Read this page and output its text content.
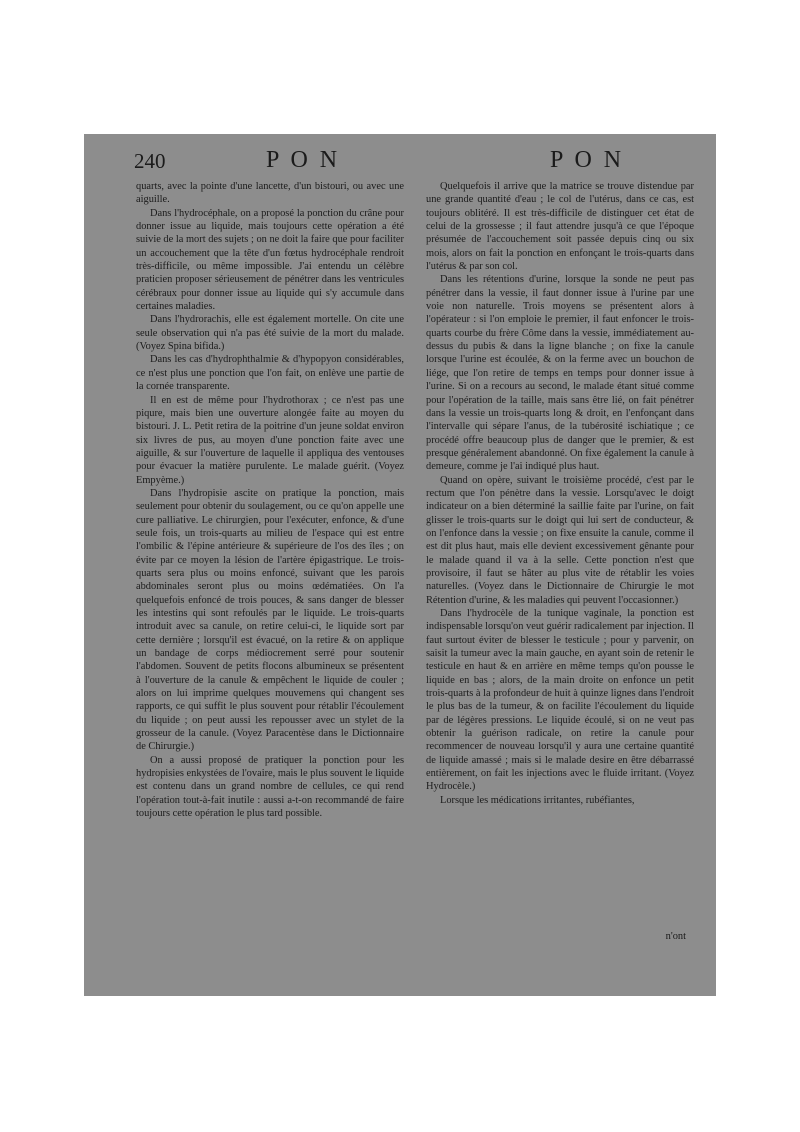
240	P O N	P O N

quarts, avec la pointe d'une lancette, d'un bistouri, ou avec une aiguille.

Dans l'hydrocéphale, on a proposé la ponction du crâne pour donner issue au liquide, mais toujours cette opération a été suivie de la mort des sujets ; on ne doit la faire que pour faciliter un accouchement que la tête d'un fœtus hydrocéphale rendroit très-difficile, ou même impossible. J'ai entendu un célèbre praticien proposer sérieusement de pénétrer dans les ventricules cérébraux pour donner issue au liquide qui s'y accumule dans certaines maladies.

Dans l'hydrorachis, elle est également mortelle. On cite une seule observation qui n'a pas été suivie de la mort du malade. (Voyez Spina bifida.)

Dans les cas d'hydrophthalmie & d'hypopyon considérables, ce n'est plus une ponction que l'on fait, on enlève une partie de la cornée transparente.

Il en est de même pour l'hydrothorax ; ce n'est pas une piqure, mais bien une ouverture alongée faite au moyen du bistouri. J. L. Petit retira de la poitrine d'un jeune soldat environ six livres de pus, au moyen d'une ponction faite avec une aiguille, & sur l'ouverture de laquelle il appliqua des ventouses pour évacuer la matière purulente. Le malade guérit. (Voyez Empyème.)

Dans l'hydropisie ascite on pratique la ponction, mais seulement pour obtenir du soulagement, ou ce qu'on appelle une cure palliative. Le chirurgien, pour l'exécuter, enfonce, & d'une seule fois, un trois-quarts au milieu de l'espace qui est entre l'ombilic & l'épine antérieure & supérieure de l'os des îles ; on évite par ce moyen la lésion de l'artère épigastrique. Le trois-quarts sera plus ou moins enfoncé, suivant que les parois abdominales seront plus ou moins œdématiées. On l'a quelquefois enfoncé de trois pouces, & sans danger de blesser les intestins qui sont refoulés par le liquide. Le trois-quarts introduit avec sa canule, on retire celui-ci, le liquide sort par cette dernière ; lorsqu'il est évacué, on la retire & on applique un bandage de corps médiocrement serré pour soutenir l'abdomen. Souvent de petits flocons albumineux se présentent à l'ouverture de la canule & empêchent le liquide de couler ; alors on lui imprime quelques mouvemens qui changent ses rapports, ce qui suffit le plus souvent pour rétablir l'écoulement du liquide ; on peut aussi les repousser avec un stylet de la grosseur de la canule. (Voyez Paracentèse dans le Dictionnaire de Chirurgie.)

On a aussi proposé de pratiquer la ponction pour les hydropisies enkystées de l'ovaire, mais le plus souvent le liquide est contenu dans un grand nombre de cellules, ce qui rend l'opération tout-à-fait inutile : aussi a-t-on recommandé de faire toujours cette opération le plus tard possible.

Quelquefois il arrive que la matrice se trouve distendue par une grande quantité d'eau ; le col de l'utérus, dans ce cas, est toujours oblitéré. Il est très-difficile de distinguer cet état de celui de la grossesse ; il faut attendre jusqu'à ce que l'époque présumée de l'accouchement soit passée depuis cinq ou six mois, alors on fait la ponction en enfonçant le trois-quarts dans l'utérus & par son col.

Dans les rétentions d'urine, lorsque la sonde ne peut pas pénétrer dans la vessie, il faut donner issue à l'urine par une voie non naturelle. Trois moyens se présentent alors à l'opérateur : si l'on emploie le premier, il faut enfoncer le trois-quarts courbe du frère Côme dans la vessie, immédiatement au-dessus du pubis & dans la ligne blanche ; on fixe la canule lorsque l'urine est écoulée, & on la ferme avec un bouchon de liége, que l'on retire de temps en temps pour donner issue à l'urine. Si on a recours au second, le malade étant situé comme pour l'opération de la taille, mais sans être lié, on fait pénétrer dans la vessie un trois-quarts long & droit, en l'enfonçant dans l'intervalle qui sépare l'anus, de la tubérosité ischiatique ; ce procédé offre beaucoup plus de danger que le premier, & est presque généralement abandonné. On fixe également la canule à demeure, comme je l'ai indiqué plus haut.

Quand on opère, suivant le troisième procédé, c'est par le rectum que l'on pénètre dans la vessie. Lorsqu'avec le doigt indicateur on a bien déterminé la saillie faite par l'urine, on fait glisser le trois-quarts sur le doigt qui lui sert de conducteur, & on l'enfonce dans la vessie ; on fixe ensuite la canule, comme il est dit plus haut, mais elle devient excessivement gênante pour le malade quand il va à la selle. Cette ponction n'est que provisoire, il faut se hâter au plus vite de rétablir les voies naturelles. (Voyez dans le Dictionnaire de Chirurgie le mot Rétention d'urine, & les maladies qui peuvent l'occasionner.)

Dans l'hydrocèle de la tunique vaginale, la ponction est indispensable lorsqu'on veut guérir radicalement par injection. Il faut surtout éviter de blesser le testicule ; pour y parvenir, on saisit la tumeur avec la main gauche, en ayant soin de retenir le testicule en haut & en arrière en même temps qu'on pousse le liquide en bas ; alors, de la main droite on enfonce un petit trois-quarts à la profondeur de huit à quinze lignes dans l'endroit le plus bas de la tumeur, & on facilite l'écoulement du liquide par de légères pressions. Le liquide écoulé, si on ne veut pas obtenir la guérison radicale, on retire la canule pour recommencer de nouveau lorsqu'il y aura une certaine quantité de liquide amassé ; mais si le malade desire en être débarrassé entièrement, on fait les injections avec le fluide irritant. (Voyez Hydrocèle.)

Lorsque les médications irritantes, rubéfiantes,

n'ont
